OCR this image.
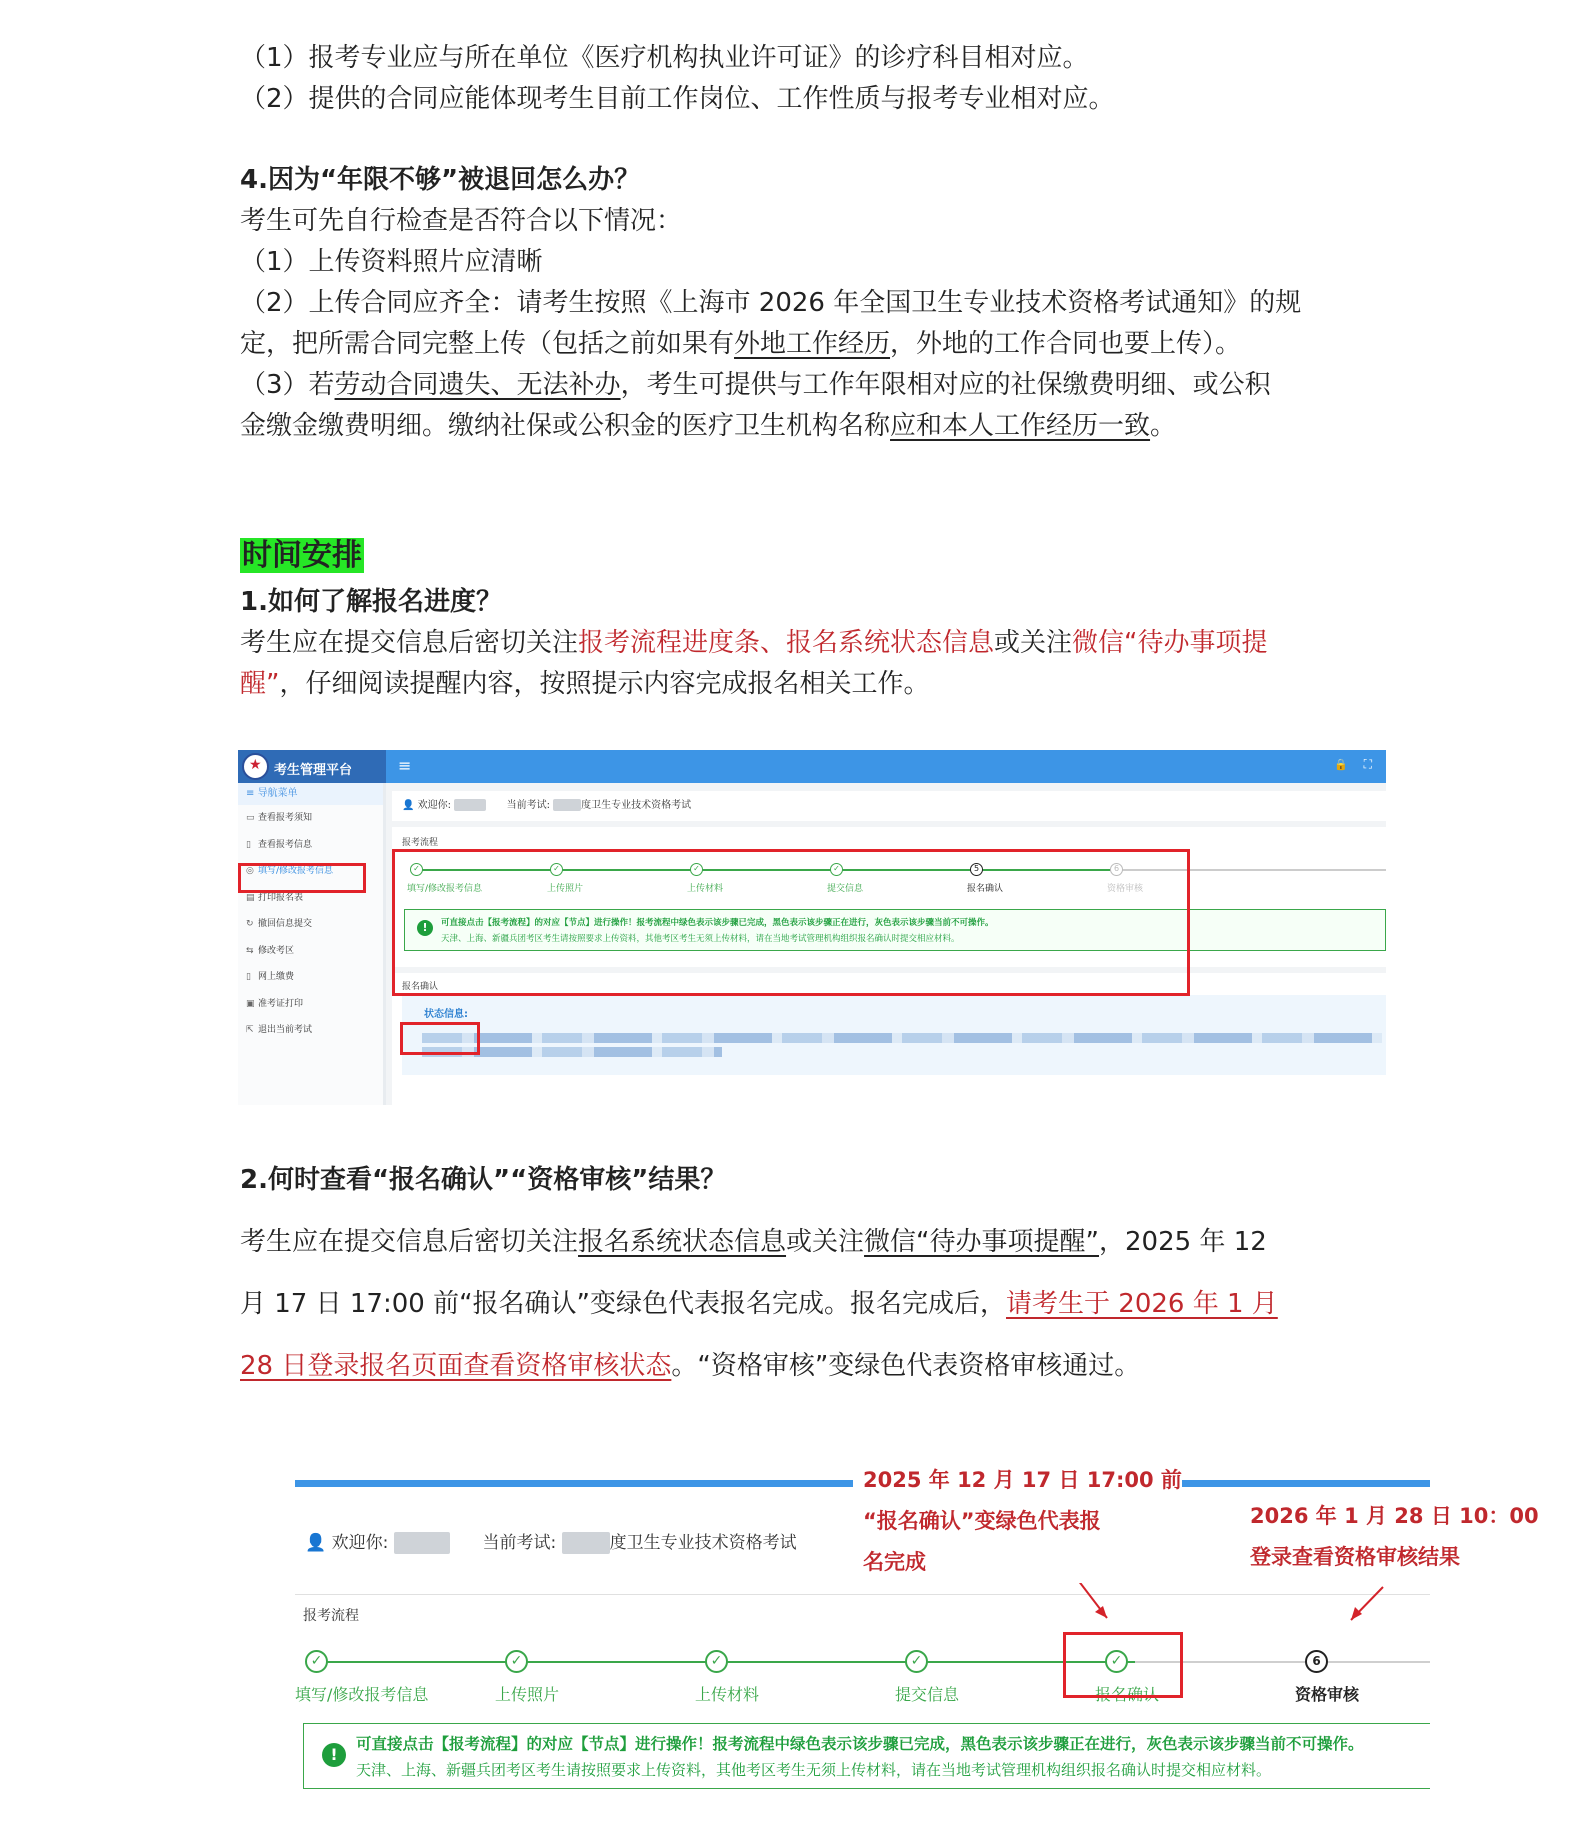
（1）报考专业应与所在单位《医疗机构执业许可证》的诊疗科目相对应。
（2）提供的合同应能体现考生目前工作岗位、工作性质与报考专业相对应。
4.因为“年限不够”被退回怎么办？
考生可先自行检查是否符合以下情况：
（1）上传资料照片应清晰
（2）上传合同应齐全：请考生按照《上海市 2026 年全国卫生专业技术资格考试通知》的规
定，把所需合同完整上传（包括之前如果有外地工作经历，外地的工作合同也要上传）。
（3）若劳动合同遗失、无法补办，考生可提供与工作年限相对应的社保缴费明细、或公积
金缴金缴费明细。缴纳社保或公积金的医疗卫生机构名称应和本人工作经历一致。
时间安排
1.如何了解报名进度？
考生应在提交信息后密切关注报考流程进度条、报名系统状态信息或关注微信“待办事项提
醒”，仔细阅读提醒内容，按照提示内容完成报名相关工作。
★
考生管理平台	≡	🔒 ⛶
≡ 导航菜单
▭ 查看报考须知
▯ 查看报考信息
◎ 填写/修改报考信息
▤ 打印报名表
↻ 撤回信息提交
⇆ 修改考区
▯ 网上缴费
▣ 准考证打印
⇱ 退出当前考试
👤 欢迎你:	当前考试:	度卫生专业技术资格考试
报考流程
✓
填写/修改报考信息
✓
上传照片
✓
上传材料
✓
提交信息
5
报名确认
6
资格审核
!	可直接点击【报考流程】的对应【节点】进行操作！报考流程中绿色表示该步骤已完成，黑色表示该步骤正在进行，灰色表示该步骤当前不可操作。
天津、上海、新疆兵团考区考生请按照要求上传资料，其他考区考生无须上传材料，请在当地考试管理机构组织报名确认时提交相应材料。
报名确认
状态信息:
2.何时查看“报名确认”“资格审核”结果？
考生应在提交信息后密切关注报名系统状态信息或关注微信“待办事项提醒”，2025 年 12
月 17 日 17:00 前“报名确认”变绿色代表报名完成。报名完成后，请考生于 2026 年 1 月
28 日登录报名页面查看资格审核状态。“资格审核”变绿色代表资格审核通过。
👤 欢迎你:	当前考试:	度卫生专业技术资格考试
报考流程
✓
填写/修改报考信息
✓
上传照片
✓
上传材料
✓
提交信息
✓
报名确认
6
资格审核
!
可直接点击【报考流程】的对应【节点】进行操作！报考流程中绿色表示该步骤已完成，黑色表示该步骤正在进行，灰色表示该步骤当前不可操作。
天津、上海、新疆兵团考区考生请按照要求上传资料，其他考区考生无须上传材料，请在当地考试管理机构组织报名确认时提交相应材料。
2025 年 12 月 17 日 17:00 前
“报名确认”变绿色代表报
名完成
2026 年 1 月 28 日 10：00
登录查看资格审核结果
